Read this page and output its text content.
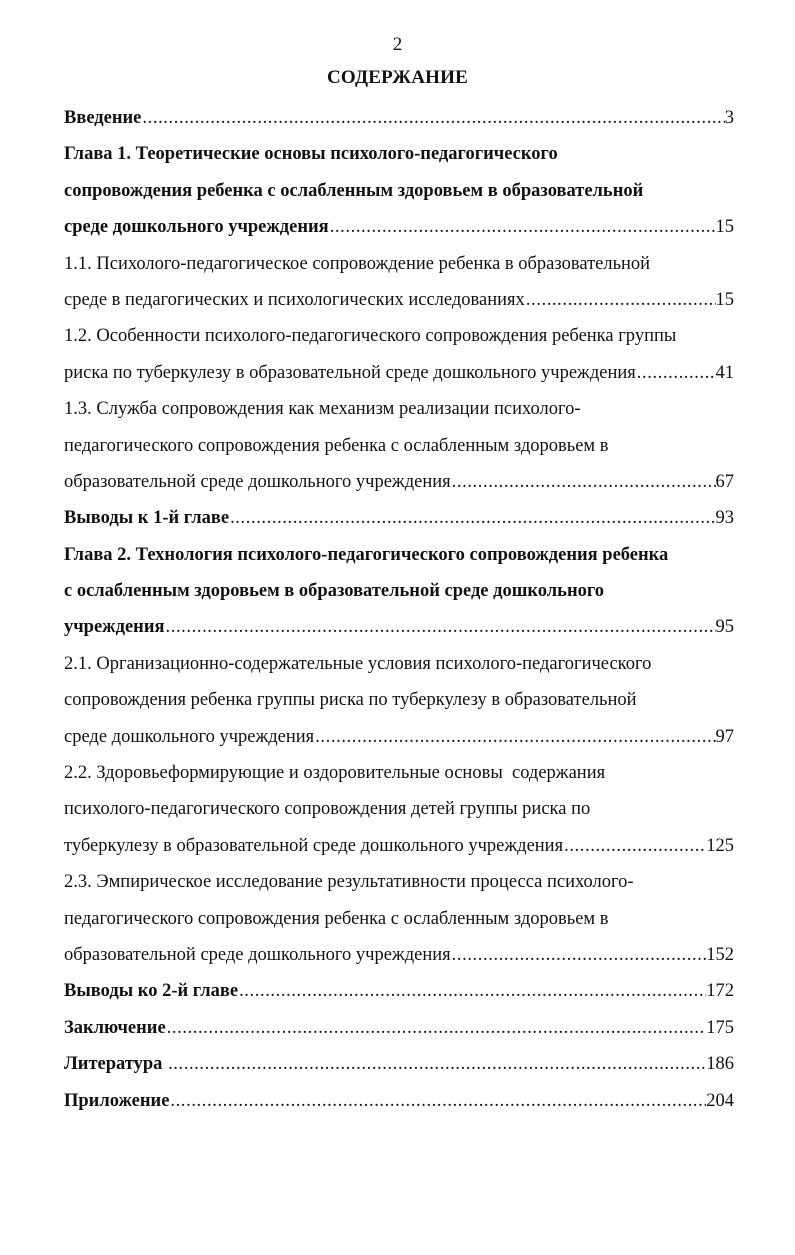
2
СОДЕРЖАНИЕ
Введение .....	3
Глава 1. Теоретические основы психолого-педагогического
сопровождения ребенка с ослабленным здоровьем в образовательной
среде дошкольного учреждения .....	15
1.1. Психолого-педагогическое сопровождение ребенка в образовательной
среде в педагогических и психологических исследованиях .....	15
1.2. Особенности психолого-педагогического сопровождения ребенка группы
риска по туберкулезу в образовательной среде дошкольного учреждения .....	41
1.3. Служба сопровождения как механизм реализации психолого-
педагогического сопровождения ребенка с ослабленным здоровьем в
образовательной среде дошкольного учреждения .....	67
Выводы к 1-й главе .....	93
Глава 2. Технология психолого-педагогического сопровождения ребенка
с ослабленным здоровьем в образовательной среде дошкольного
учреждения .....	95
2.1. Организационно-содержательные условия психолого-педагогического
сопровождения ребенка группы риска по туберкулезу в образовательной
среде дошкольного учреждения .....	97
2.2. Здоровьеформирующие и оздоровительные основы  содержания
психолого-педагогического сопровождения детей группы риска по
туберкулезу в образовательной среде дошкольного учреждения .....	125
2.3. Эмпирическое исследование результативности процесса психолого-
педагогического сопровождения ребенка с ослабленным здоровьем в
образовательной среде дошкольного учреждения .....	152
Выводы ко 2-й главе .....	172
Заключение .....	175
Литература .....	186
Приложение .....	204
